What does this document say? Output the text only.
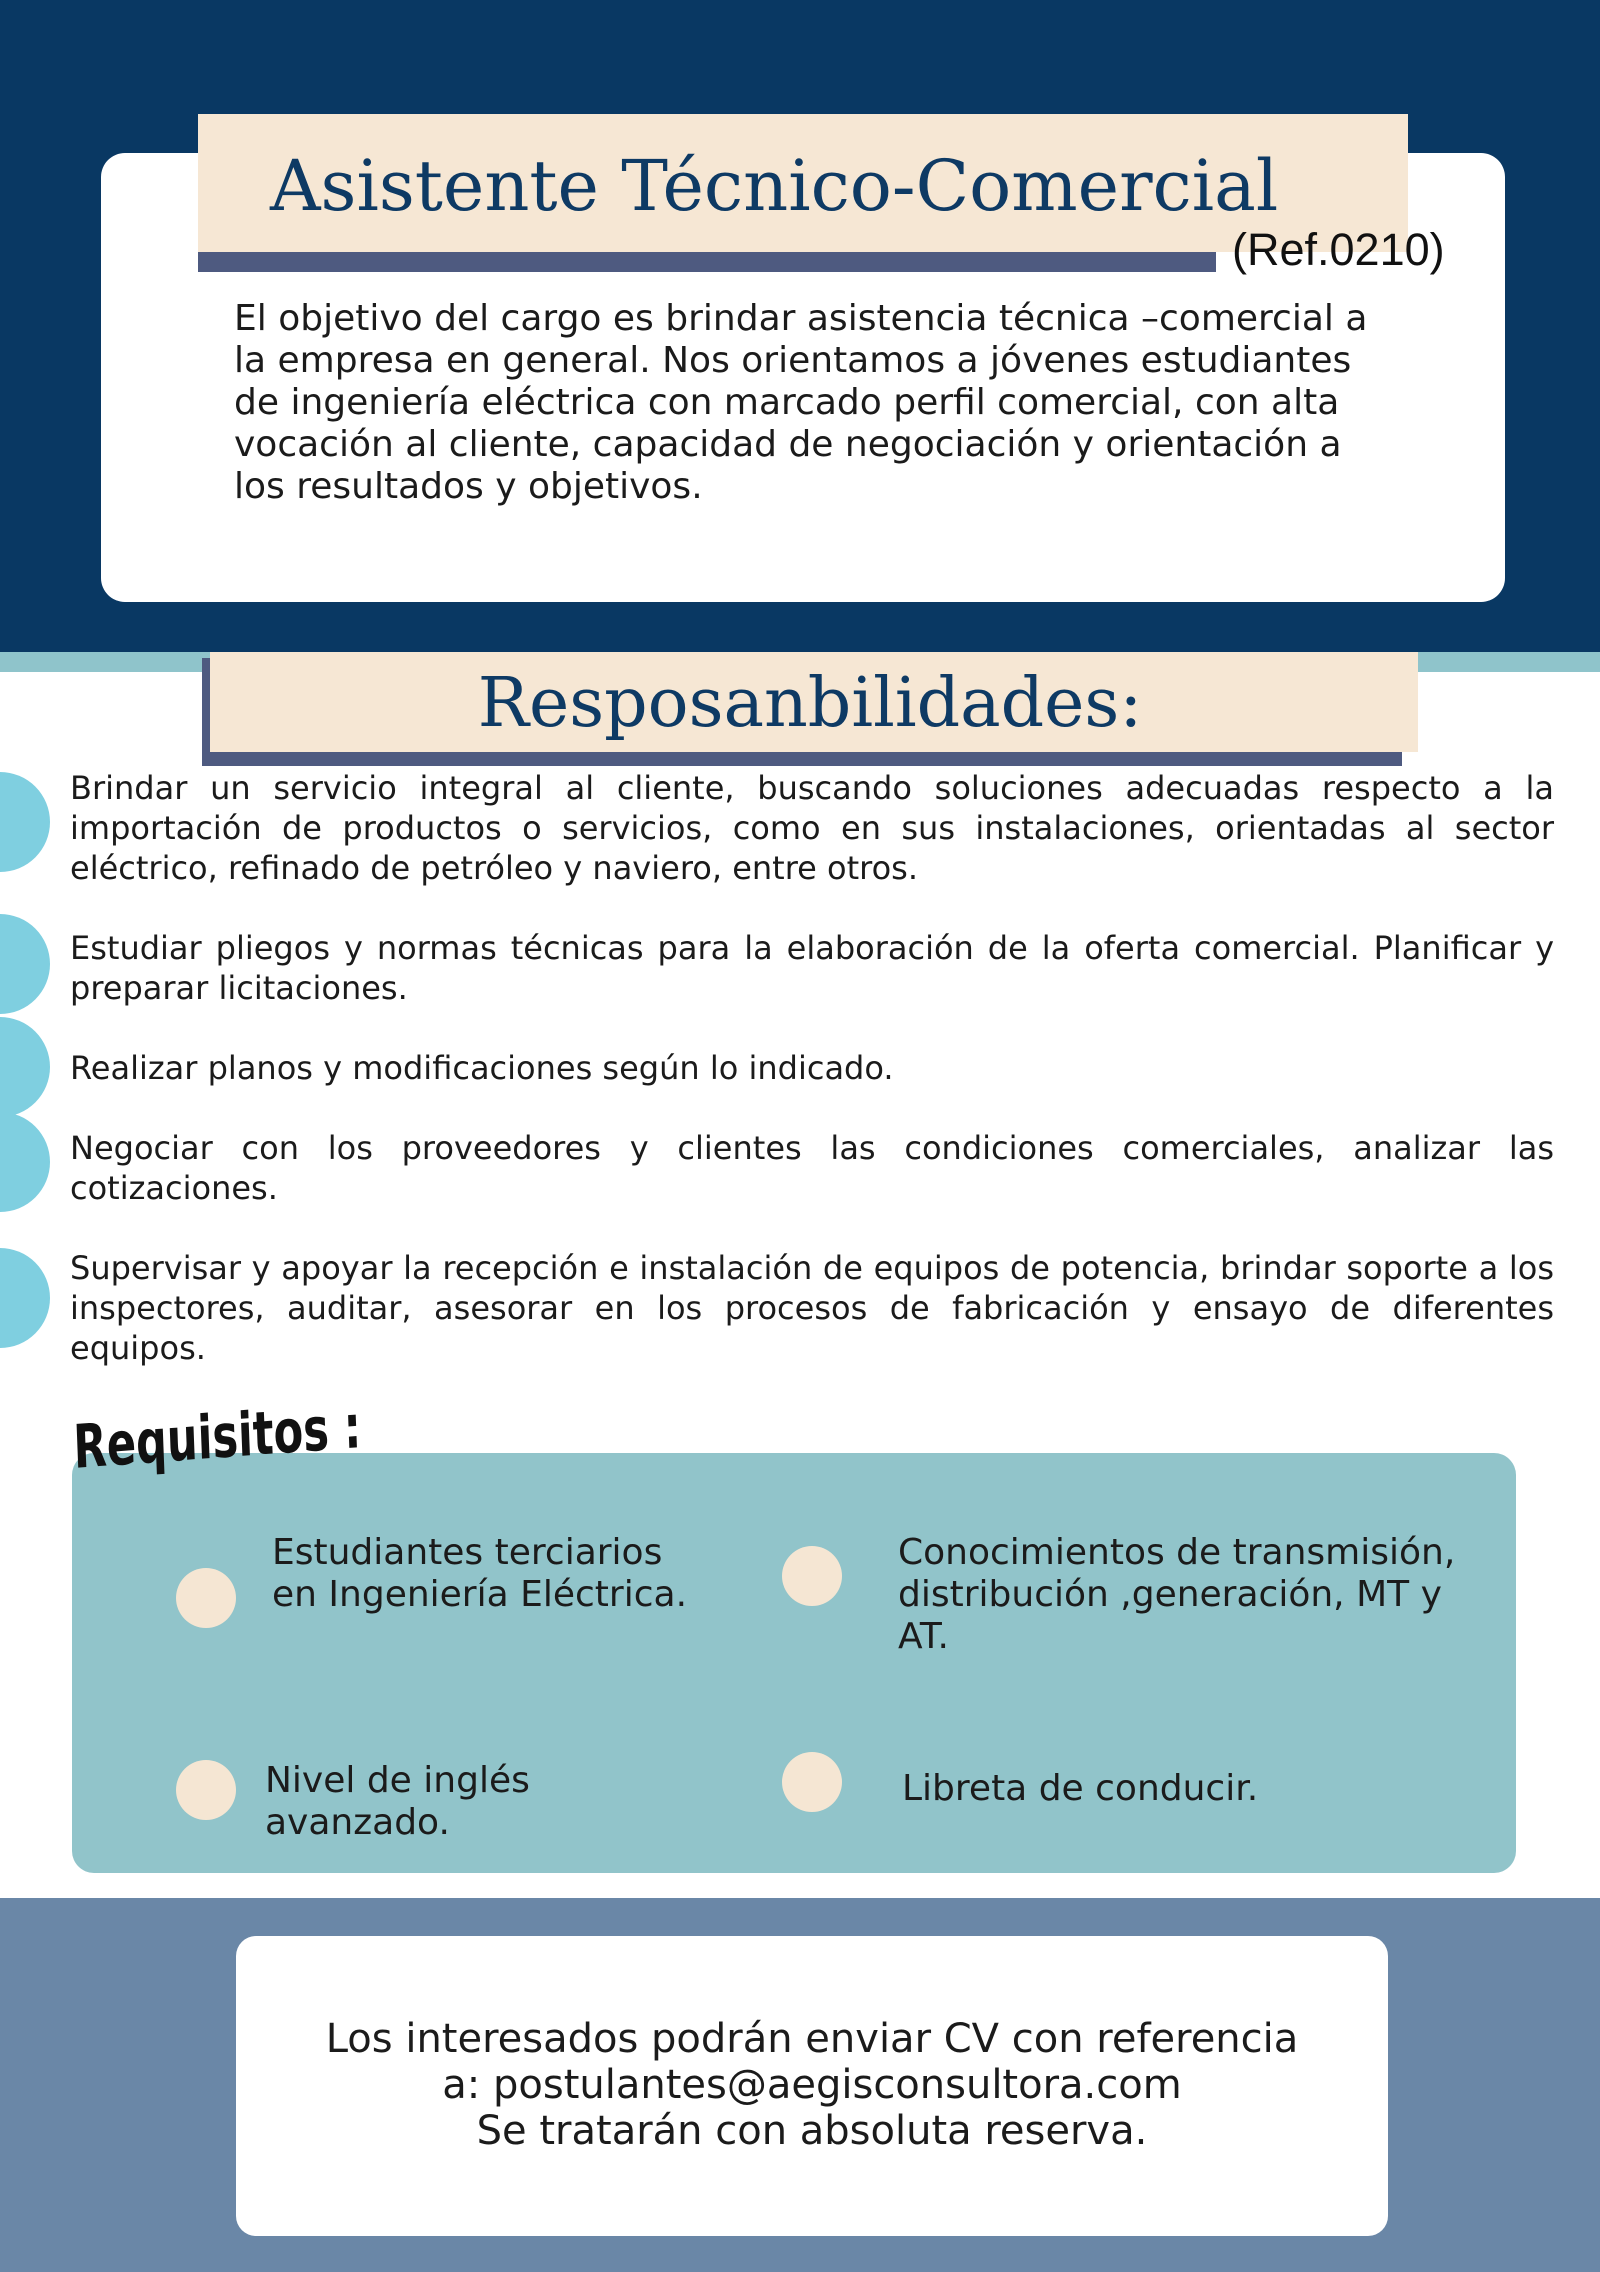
Asistente Técnico-Comercial
(Ref.0210)

El objetivo del cargo es brindar asistencia técnica –comercial a la empresa en general. Nos orientamos a jóvenes estudiantes de ingeniería eléctrica con marcado perfil comercial, con alta vocación al cliente, capacidad de negociación y orientación a los resultados y objetivos.

Resposanbilidades:

Brindar un servicio integral al cliente, buscando soluciones adecuadas respecto a la importación de productos o servicios, como en sus instalaciones, orientadas al sector eléctrico, refinado de petróleo y naviero, entre otros.

Estudiar pliegos y normas técnicas para la elaboración de la oferta comercial. Planificar y preparar licitaciones.

Realizar planos y modificaciones según lo indicado.

Negociar con los proveedores y clientes las condiciones comerciales, analizar las cotizaciones.

Supervisar y apoyar la recepción e instalación de equipos de potencia, brindar soporte a los inspectores, auditar, asesorar en los procesos de fabricación y ensayo de diferentes equipos.

Requisitos :

Estudiantes terciarios en Ingeniería Eléctrica.

Conocimientos de transmisión, distribución ,generación, MT y AT.

Nivel de inglés avanzado.

Libreta de conducir.

Los interesados podrán enviar CV con referencia
a: postulantes@aegisconsultora.com
Se tratarán con absoluta reserva.
